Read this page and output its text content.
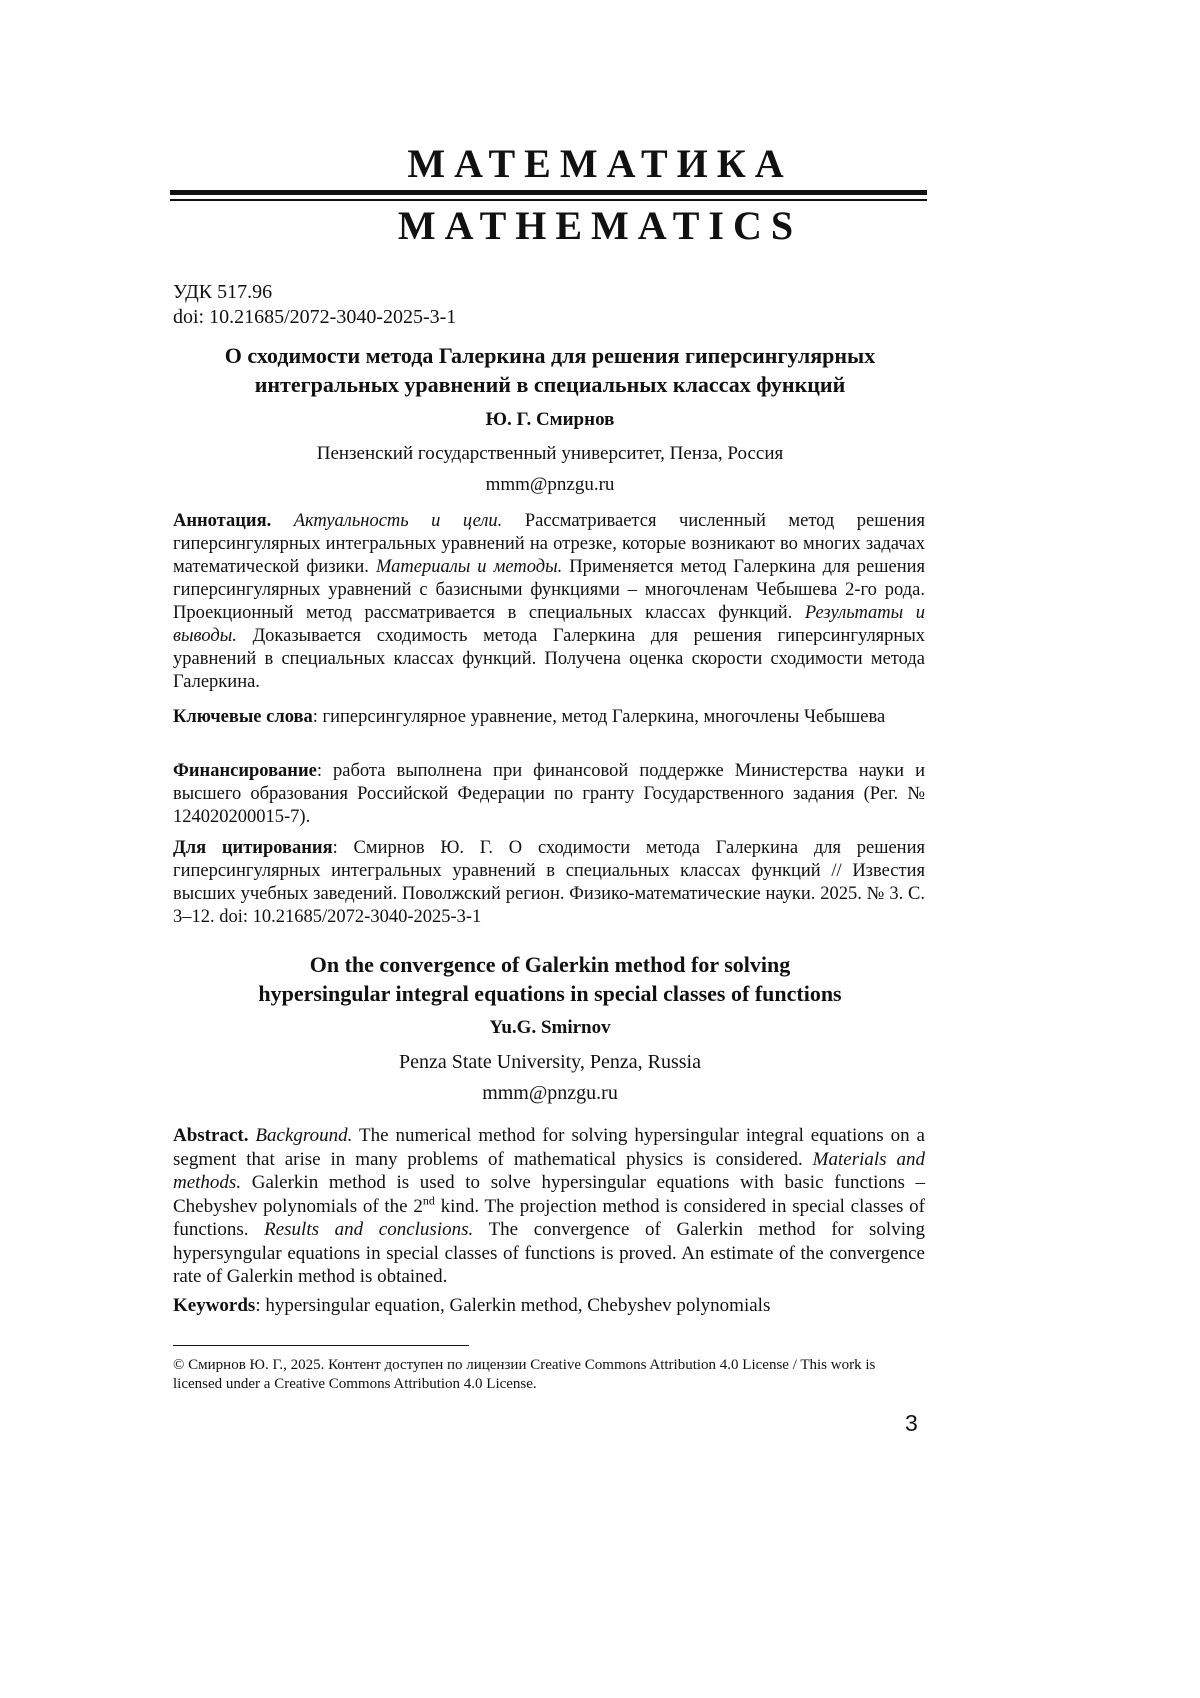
МАТЕМАТИКА
MATHEMATICS
УДК 517.96
doi: 10.21685/2072-3040-2025-3-1
О сходимости метода Галеркина для решения гиперсингулярных
интегральных уравнений в специальных классах функций
Ю. Г. Смирнов
Пензенский государственный университет, Пенза, Россия
mmm@pnzgu.ru
Аннотация. Актуальность и цели. Рассматривается численный метод решения гиперсингулярных интегральных уравнений на отрезке, которые возникают во многих задачах математической физики. Материалы и методы. Применяется метод Галеркина для решения гиперсингулярных уравнений с базисными функциями – многочленам Чебышева 2-го рода. Проекционный метод рассматривается в специальных классах функций. Результаты и выводы. Доказывается сходимость метода Галеркина для решения гиперсингулярных уравнений в специальных классах функций. Получена оценка скорости сходимости метода Галеркина.
Ключевые слова: гиперсингулярное уравнение, метод Галеркина, многочлены Чебышева
Финансирование: работа выполнена при финансовой поддержке Министерства науки и высшего образования Российской Федерации по гранту Государственного задания (Рег. № 124020200015-7).
Для цитирования: Смирнов Ю. Г. О сходимости метода Галеркина для решения гиперсингулярных интегральных уравнений в специальных классах функций // Известия высших учебных заведений. Поволжский регион. Физико-математические науки. 2025. № 3. С. 3–12. doi: 10.21685/2072-3040-2025-3-1
On the convergence of Galerkin method for solving
hypersingular integral equations in special classes of functions
Yu.G. Smirnov
Penza State University, Penza, Russia
mmm@pnzgu.ru
Abstract. Background. The numerical method for solving hypersingular integral equations on a segment that arise in many problems of mathematical physics is considered. Materials and methods. Galerkin method is used to solve hypersingular equations with basic functions – Chebyshev polynomials of the 2nd kind. The projection method is considered in special classes of functions. Results and conclusions. The convergence of Galerkin method for solving hypersyngular equations in special classes of functions is proved. An estimate of the convergence rate of Galerkin method is obtained.
Keywords: hypersingular equation, Galerkin method, Chebyshev polynomials
© Смирнов Ю. Г., 2025. Контент доступен по лицензии Creative Commons Attribution 4.0 License / This work is licensed under a Creative Commons Attribution 4.0 License.
3
